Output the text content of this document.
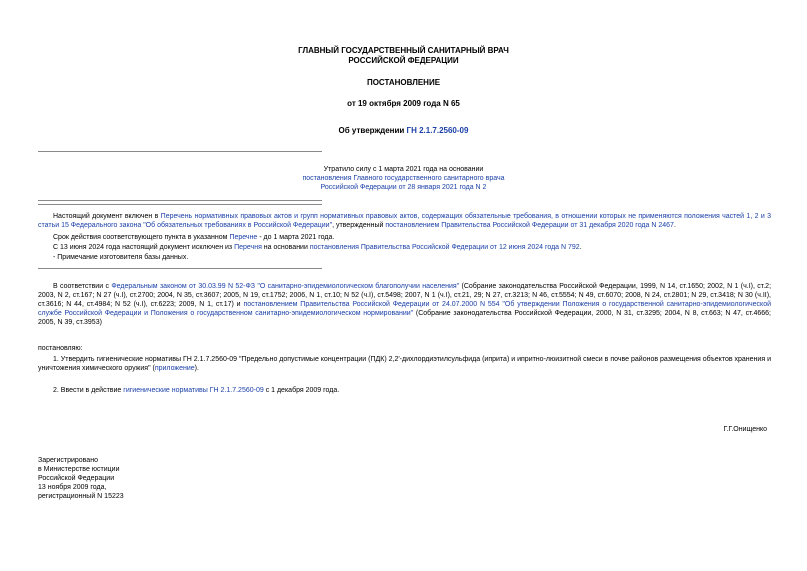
ГЛАВНЫЙ ГОСУДАРСТВЕННЫЙ САНИТАРНЫЙ ВРАЧ
РОССИЙСКОЙ ФЕДЕРАЦИИ
ПОСТАНОВЛЕНИЕ
от 19 октября 2009 года N 65
Об утверждении ГН 2.1.7.2560-09
Утратило силу с 1 марта 2021 года на основании
постановления Главного государственного санитарного врача
Российской Федерации от 28 января 2021 года N 2
Настоящий документ включен в Перечень нормативных правовых актов и групп нормативных правовых актов, содержащих обязательные требования, в отношении которых не применяются положения частей 1, 2 и 3 статьи 15 Федерального закона "Об обязательных требованиях в Российской Федерации", утвержденный постановлением Правительства Российской Федерации от 31 декабря 2020 года N 2467.
Срок действия соответствующего пункта в указанном Перечне - до 1 марта 2021 года.
С 13 июня 2024 года настоящий документ исключен из Перечня на основании постановления Правительства Российской Федерации от 12 июня 2024 года N 792.
- Примечание изготовителя базы данных.
В соответствии с Федеральным законом от 30.03.99 N 52-ФЗ "О санитарно-эпидемиологическом благополучии населения" (Собрание законодательства Российской Федерации, 1999, N 14, ст.1650; 2002, N 1 (ч.I), ст.2; 2003, N 2, ст.167; N 27 (ч.I), ст.2700; 2004, N 35, ст.3607; 2005, N 19, ст.1752; 2006, N 1, ст.10; N 52 (ч.I), ст.5498; 2007, N 1 (ч.I), ст.21, 29; N 27, ст.3213; N 46, ст.5554; N 49, ст.6070; 2008, N 24, ст.2801; N 29, ст.3418; N 30 (ч.II), ст.3616; N 44, ст.4984; N 52 (ч.I), ст.6223; 2009, N 1, ст.17) и постановлением Правительства Российской Федерации от 24.07.2000 N 554 "Об утверждении Положения о государственной санитарно-эпидемиологической службе Российской Федерации и Положения о государственном санитарно-эпидемиологическом нормировании" (Собрание законодательства Российской Федерации, 2000, N 31, ст.3295; 2004, N 8, ст.663; N 47, ст.4666; 2005, N 39, ст.3953)
постановляю:
1. Утвердить гигиенические нормативы ГН 2.1.7.2560-09 "Предельно допустимые концентрации (ПДК) 2,2'-дихлордиэтилсульфида (иприта) и ипритно-люизитной смеси в почве районов размещения объектов хранения и уничтожения химического оружия" (приложение).
2. Ввести в действие гигиенические нормативы ГН 2.1.7.2560-09 с 1 декабря 2009 года.
Г.Г.Онищенко
Зарегистрировано
в Министерстве юстиции
Российской Федерации
13 ноября 2009 года,
регистрационный N 15223
